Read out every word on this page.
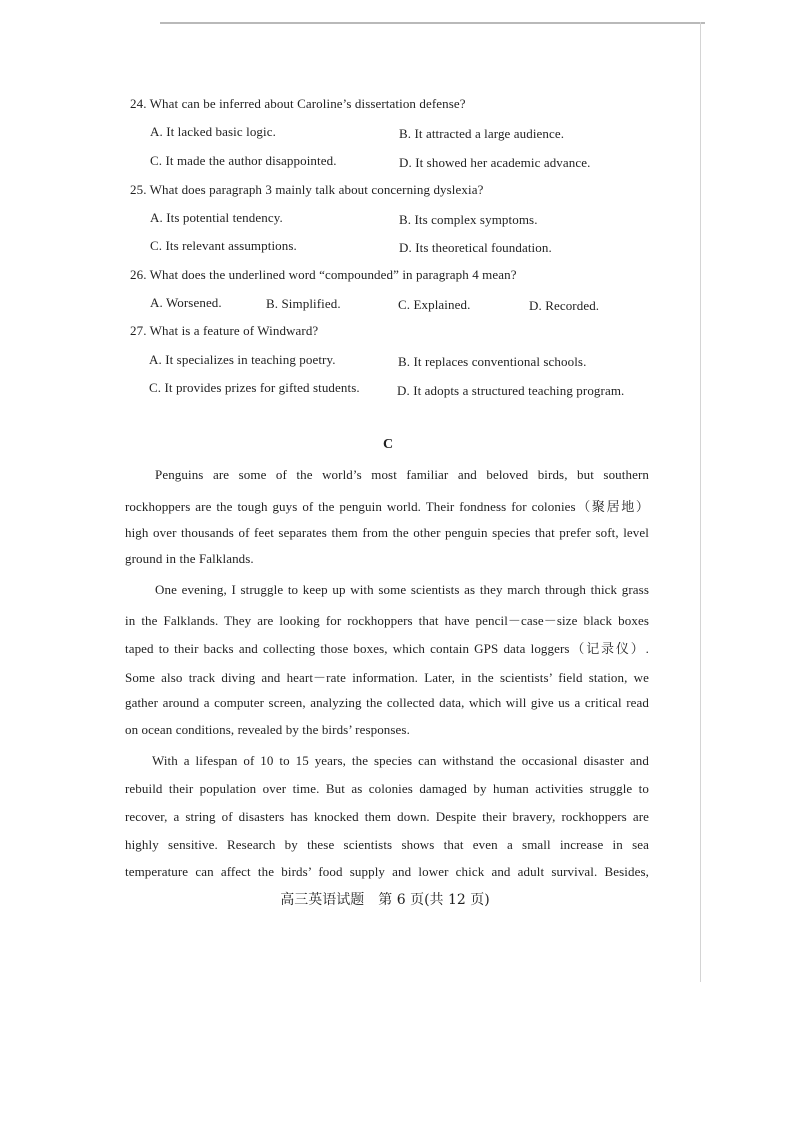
24. What can be inferred about Caroline’s dissertation defense?
A. It lacked basic logic.	B. It attracted a large audience.
C. It made the author disappointed.	D. It showed her academic advance.
25. What does paragraph 3 mainly talk about concerning dyslexia?
A. Its potential tendency.	B. Its complex symptoms.
C. Its relevant assumptions.	D. Its theoretical foundation.
26. What does the underlined word “compounded” in paragraph 4 mean?
A. Worsened.	B. Simplified.	C. Explained.	D. Recorded.
27. What is a feature of Windward?
A. It specializes in teaching poetry.	B. It replaces conventional schools.
C. It provides prizes for gifted students.	D. It adopts a structured teaching program.
C
Penguins are some of the world’s most familiar and beloved birds, but southern
rockhoppers are the tough guys of the penguin world. Their fondness for colonies（聚居地）
high over thousands of feet separates them from the other penguin species that prefer soft, level
ground in the Falklands.
One evening, I struggle to keep up with some scientists as they march through thick grass
in the Falklands. They are looking for rockhoppers that have pencil－case－size black boxes
taped to their backs and collecting those boxes, which contain GPS data loggers（记录仪）.
Some also track diving and heart－rate information. Later, in the scientists’ field station, we
gather around a computer screen, analyzing the collected data, which will give us a critical read
on ocean conditions, revealed by the birds’ responses.
With a lifespan of 10 to 15 years, the species can withstand the occasional disaster and
rebuild their population over time. But as colonies damaged by human activities struggle to
recover, a string of disasters has knocked them down. Despite their bravery, rockhoppers are
highly sensitive. Research by these scientists shows that even a small increase in sea
temperature can affect the birds’ food supply and lower chick and adult survival. Besides,
高三英语试题　第 6 页(共 12 页)
